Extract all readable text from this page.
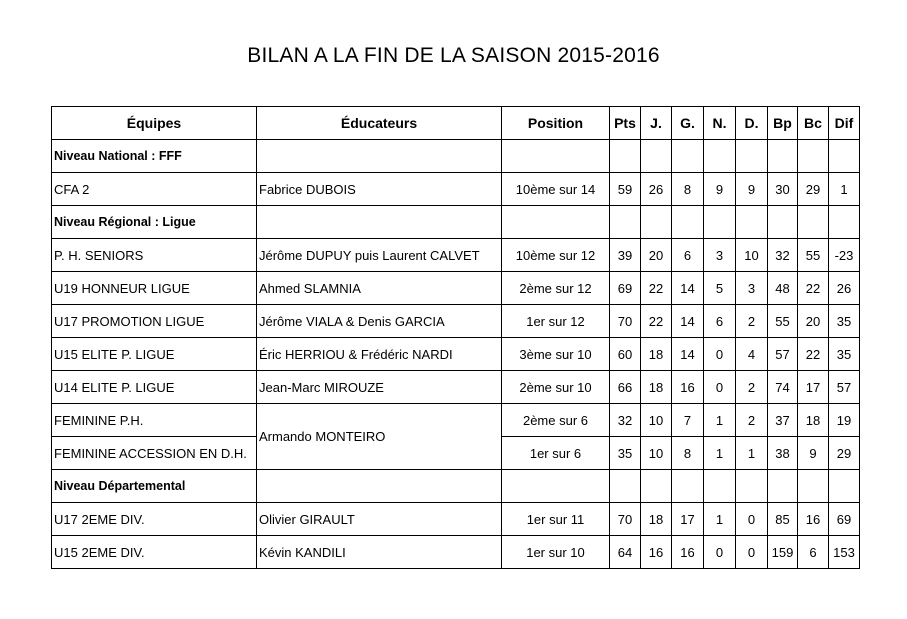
BILAN A LA FIN DE LA SAISON 2015-2016
Équipes	Éducateurs	Position	Pts	J.	G.	N.	D.	Bp	Bc	Dif
Niveau National : FFF										
CFA 2	Fabrice DUBOIS	10ème sur 14	59	26	8	9	9	30	29	1
Niveau Régional : Ligue										
P. H. SENIORS	Jérôme DUPUY puis Laurent CALVET	10ème sur 12	39	20	6	3	10	32	55	-23
U19 HONNEUR LIGUE	Ahmed SLAMNIA	2ème sur 12	69	22	14	5	3	48	22	26
U17 PROMOTION LIGUE	Jérôme VIALA & Denis GARCIA	1er sur 12	70	22	14	6	2	55	20	35
U15 ELITE P. LIGUE	Éric HERRIOU & Frédéric NARDI	3ème sur 10	60	18	14	0	4	57	22	35
U14 ELITE P. LIGUE	Jean-Marc MIROUZE	2ème sur 10	66	18	16	0	2	74	17	57
FEMININE P.H.	Armando MONTEIRO	2ème sur 6	32	10	7	1	2	37	18	19
FEMININE ACCESSION EN D.H.		1er sur 6	35	10	8	1	1	38	9	29
Niveau Départemental										
U17 2EME DIV.	Olivier GIRAULT	1er sur 11	70	18	17	1	0	85	16	69
U15 2EME DIV.	Kévin KANDILI	1er sur 10	64	16	16	0	0	159	6	153
